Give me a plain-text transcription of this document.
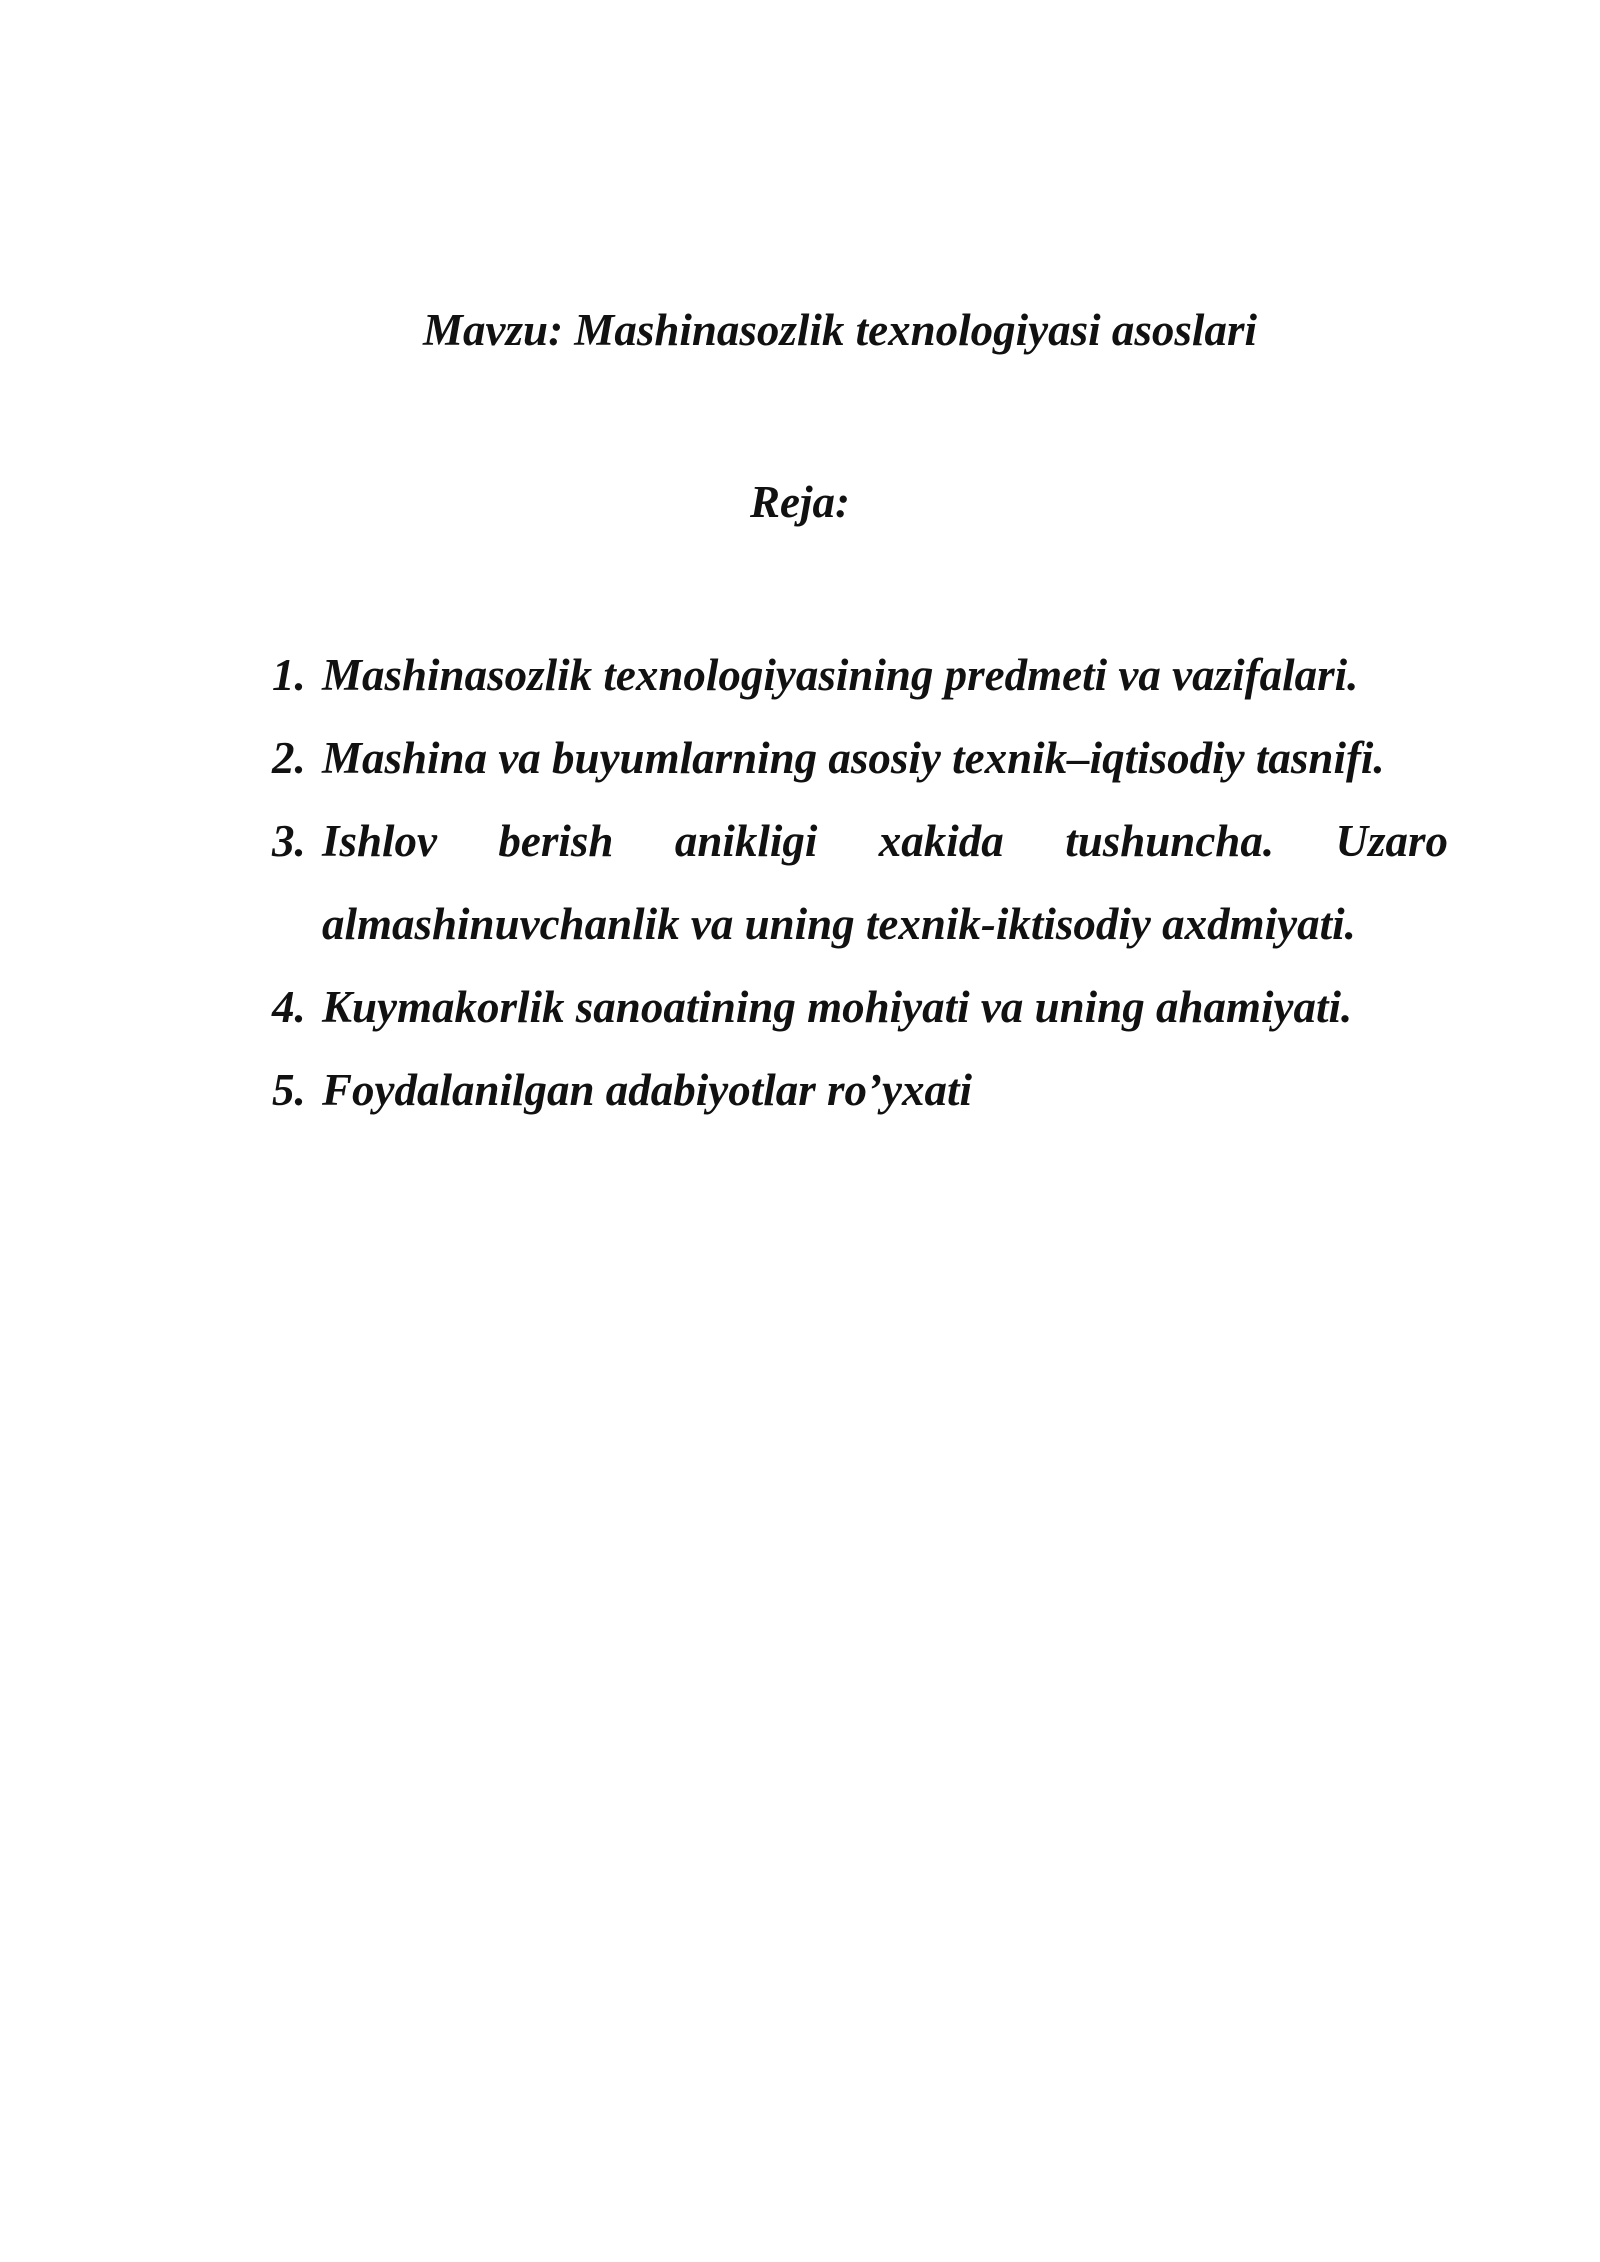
Mavzu: Mashinasozlik texnologiyasi asoslari
Reja:
1. Mashinasozlik texnologiyasining predmeti va vazifalari.
2. Mashina va buyumlarning asosiy texnik–iqtisodiy tasnifi.
3. Ishlov berish anikligi xakida tushuncha. Uzaro almashinuvchanlik va uning texnik-iktisodiy axdmiyati.
4. Kuymakorlik sanoatining mohiyati va uning ahamiyati.
5. Foydalanilgan adabiyotlar ro’yxati
